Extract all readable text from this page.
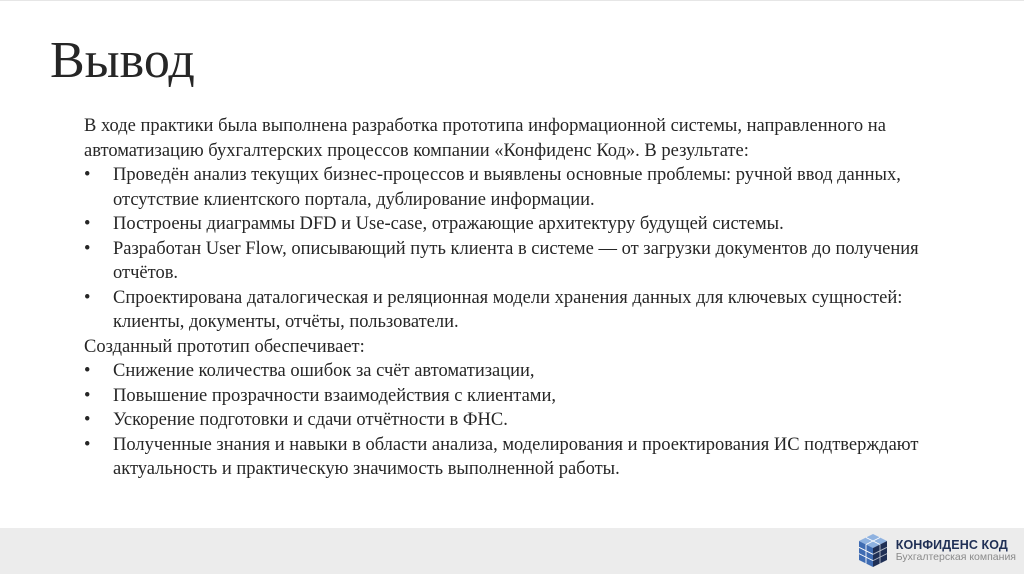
Вывод

В ходе практики была выполнена разработка прототипа информационной системы, направленного на автоматизацию бухгалтерских процессов компании «Конфиденс Код». В результате:

• Проведён анализ текущих бизнес-процессов и выявлены основные проблемы: ручной ввод данных, отсутствие клиентского портала, дублирование информации.
• Построены диаграммы DFD и Use-case, отражающие архитектуру будущей системы.
• Разработан User Flow, описывающий путь клиента в системе — от загрузки документов до получения отчётов.
• Спроектирована даталогическая и реляционная модели хранения данных для ключевых сущностей: клиенты, документы, отчёты, пользователи.

Созданный прототип обеспечивает:

• Снижение количества ошибок за счёт автоматизации,
• Повышение прозрачности взаимодействия с клиентами,
• Ускорение подготовки и сдачи отчётности в ФНС.
• Полученные знания и навыки в области анализа, моделирования и проектирования ИС подтверждают актуальность и практическую значимость выполненной работы.
КОНФИДЕНС КОД
Бухгалтерская компания
